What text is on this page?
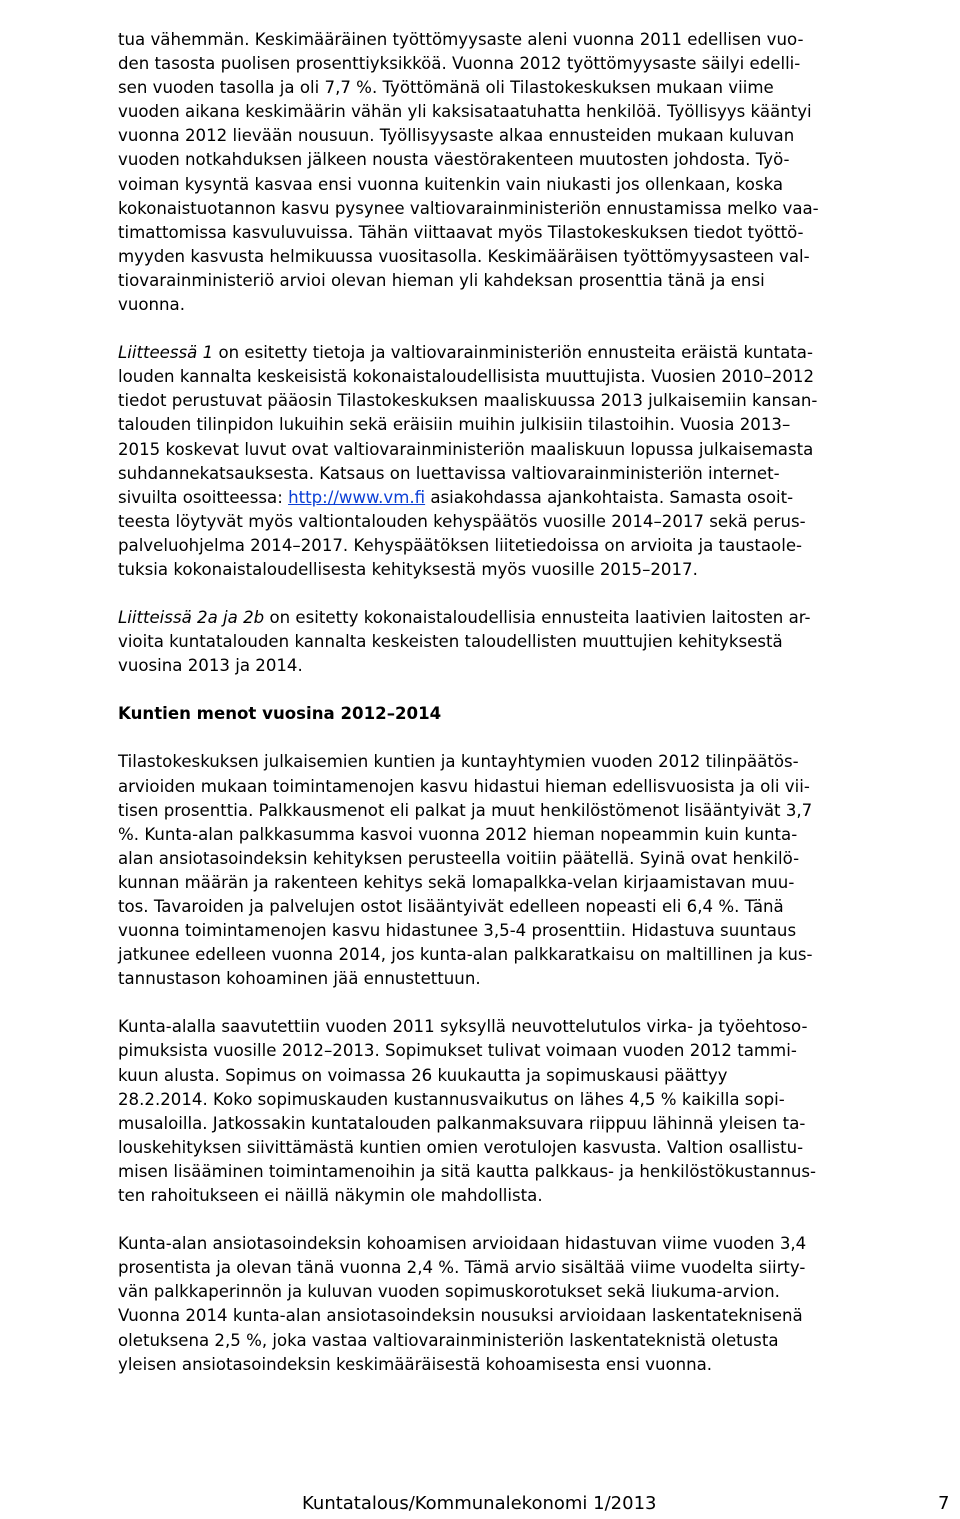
tua vähemmän. Keskimääräinen työttömyysaste aleni vuonna 2011 edellisen vuo-
den tasosta puolisen prosenttiyksikköä. Vuonna 2012 työttömyysaste säilyi edelli-
sen vuoden tasolla ja oli 7,7 %. Työttömänä oli Tilastokeskuksen mukaan viime
vuoden aikana keskimäärin vähän yli kaksisataatuhatta henkilöä. Työllisyys kääntyi
vuonna 2012 lievään nousuun. Työllisyysaste alkaa ennusteiden mukaan kuluvan
vuoden notkahduksen jälkeen nousta väestörakenteen muutosten johdosta. Työ-
voiman kysyntä kasvaa ensi vuonna kuitenkin vain niukasti jos ollenkaan, koska
kokonaistuotannon kasvu pysynee valtiovarainministeriön ennustamissa melko vaa-
timattomissa kasvuluvuissa. Tähän viittaavat myös Tilastokeskuksen tiedot työttö-
myyden kasvusta helmikuussa vuositasolla. Keskimääräisen työttömyysasteen val-
tiovarainministeriö arvioi olevan hieman yli kahdeksan prosenttia tänä ja ensi
vuonna.
Liitteessä 1 on esitetty tietoja ja valtiovarainministeriön ennusteita eräistä kuntata-
louden kannalta keskeisistä kokonaistaloudellisista muuttujista. Vuosien 2010–2012
tiedot perustuvat pääosin Tilastokeskuksen maaliskuussa 2013 julkaisemiin kansan-
talouden tilinpidon lukuihin sekä eräisiin muihin julkisiin tilastoihin. Vuosia 2013–
2015 koskevat luvut ovat valtiovarainministeriön maaliskuun lopussa julkaisemasta
suhdannekatsauksesta. Katsaus on luettavissa valtiovarainministeriön internet-
sivuilta osoitteessa: http://www.vm.fi asiakohdassa ajankohtaista. Samasta osoit-
teesta löytyvät myös valtiontalouden kehyspäätös vuosille 2014–2017 sekä perus-
palveluohjelma 2014–2017. Kehyspäätöksen liitetiedoissa on arvioita ja taustaole-
tuksia kokonaistaloudellisesta kehityksestä myös vuosille 2015–2017.
Liitteissä 2a ja 2b on esitetty kokonaistaloudellisia ennusteita laativien laitosten ar-
vioita kuntatalouden kannalta keskeisten taloudellisten muuttujien kehityksestä
vuosina 2013 ja 2014.
Kuntien menot vuosina 2012–2014
Tilastokeskuksen julkaisemien kuntien ja kuntayhtymien vuoden 2012 tilinpäätös-
arvioiden mukaan toimintamenojen kasvu hidastui hieman edellisvuosista ja oli vii-
tisen prosenttia. Palkkausmenot eli palkat ja muut henkilöstömenot lisääntyivät 3,7
%. Kunta-alan palkkasumma kasvoi vuonna 2012 hieman nopeammin kuin kunta-
alan ansiotasoindeksin kehityksen perusteella voitiin päätellä. Syinä ovat henkilö-
kunnan määrän ja rakenteen kehitys sekä lomapalkka-velan kirjaamistavan muu-
tos. Tavaroiden ja palvelujen ostot lisääntyivät edelleen nopeasti eli 6,4 %. Tänä
vuonna toimintamenojen kasvu hidastunee 3,5-4 prosenttiin. Hidastuva suuntaus
jatkunee edelleen vuonna 2014, jos kunta-alan palkkaratkaisu on maltillinen ja kus-
tannustason kohoaminen jää ennustettuun.
Kunta-alalla saavutettiin vuoden 2011 syksyllä neuvottelutulos virka- ja työehtoso-
pimuksista vuosille 2012–2013. Sopimukset tulivat voimaan vuoden 2012 tammi-
kuun alusta. Sopimus on voimassa 26 kuukautta ja sopimuskausi päättyy
28.2.2014. Koko sopimuskauden kustannusvaikutus on lähes 4,5 % kaikilla sopi-
musaloilla. Jatkossakin kuntatalouden palkanmaksuvara riippuu lähinnä yleisen ta-
louskehityksen siivittämästä kuntien omien verotulojen kasvusta. Valtion osallistu-
misen lisääminen toimintamenoihin ja sitä kautta palkkaus- ja henkilöstökustannus-
ten rahoitukseen ei näillä näkymin ole mahdollista.
Kunta-alan ansiotasoindeksin kohoamisen arvioidaan hidastuvan viime vuoden 3,4
prosentista ja olevan tänä vuonna 2,4 %. Tämä arvio sisältää viime vuodelta siirty-
vän palkkaperinnön ja kuluvan vuoden sopimuskorotukset sekä liukuma-arvion.
Vuonna 2014 kunta-alan ansiotasoindeksin nousuksi arvioidaan laskentateknisenä
oletuksena 2,5 %, joka vastaa valtiovarainministeriön laskentateknistä oletusta
yleisen ansiotasoindeksin keskimääräisestä kohoamisesta ensi vuonna.
Kuntatalous/Kommunalekonomi 1/2013	7
